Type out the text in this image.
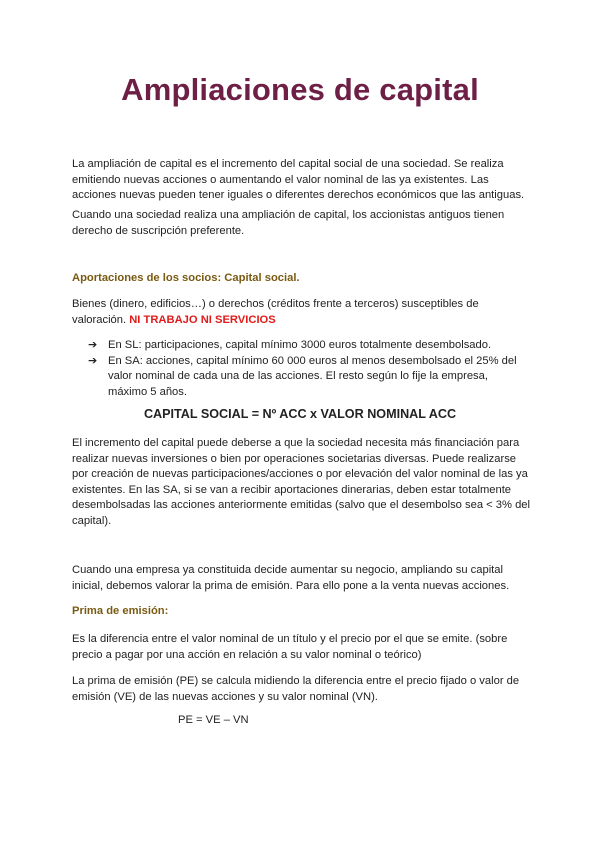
Ampliaciones de capital

La ampliación de capital es el incremento del capital social de una sociedad. Se realiza emitiendo nuevas acciones o aumentando el valor nominal de las ya existentes. Las acciones nuevas pueden tener iguales o diferentes derechos económicos que las antiguas.

Cuando una sociedad realiza una ampliación de capital, los accionistas antiguos tienen derecho de suscripción preferente.

Aportaciones de los socios: Capital social.

Bienes (dinero, edificios…) o derechos (créditos frente a terceros) susceptibles de valoración. NI TRABAJO NI SERVICIOS

➔ En SL: participaciones, capital mínimo 3000 euros totalmente desembolsado.
➔ En SA: acciones, capital mínimo 60 000 euros al menos desembolsado el 25% del valor nominal de cada una de las acciones. El resto según lo fije la empresa, máximo 5 años.
CAPITAL SOCIAL = Nº ACC x VALOR NOMINAL ACC

El incremento del capital puede deberse a que la sociedad necesita más financiación para realizar nuevas inversiones o bien por operaciones societarias diversas. Puede realizarse por creación de nuevas participaciones/acciones o por elevación del valor nominal de las ya existentes. En las SA, si se van a recibir aportaciones dinerarias, deben estar totalmente desembolsadas las acciones anteriormente emitidas (salvo que el desembolso sea < 3% del capital).

Cuando una empresa ya constituida decide aumentar su negocio, ampliando su capital inicial, debemos valorar la prima de emisión. Para ello pone a la venta nuevas acciones.

Prima de emisión:

Es la diferencia entre el valor nominal de un título y el precio por el que se emite. (sobre precio a pagar por una acción en relación a su valor nominal o teórico)

La prima de emisión (PE) se calcula midiendo la diferencia entre el precio fijado o valor de emisión (VE) de las nuevas acciones y su valor nominal (VN).

PE = VE – VN
